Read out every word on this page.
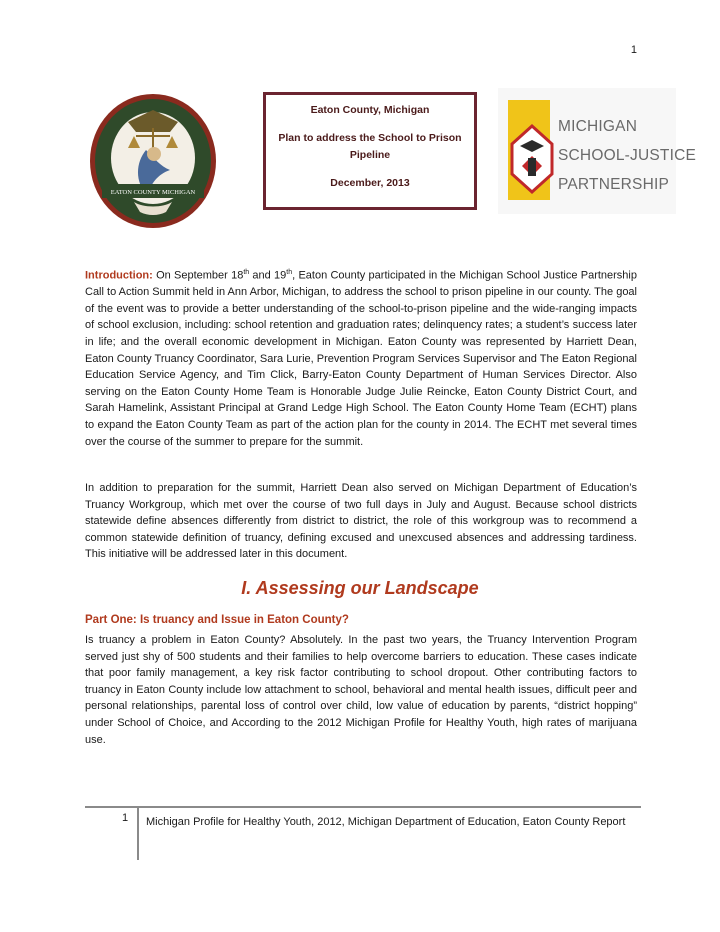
1
EATON COUNTY MICHIGAN
Eaton County, Michigan
Plan to address the School to Prison
Pipeline
December, 2013
MICHIGAN
SCHOOL-JUSTICE
PARTNERSHIP
Introduction: On September 18th and 19th, Eaton County participated in the Michigan School Justice Partnership Call to Action Summit held in Ann Arbor, Michigan, to address the school to prison pipeline in our county. The goal of the event was to provide a better understanding of the school-to-prison pipeline and the wide-ranging impacts of school exclusion, including: school retention and graduation rates; delinquency rates; a student’s success later in life; and the overall economic development in Michigan. Eaton County was represented by Harriett Dean, Eaton County Truancy Coordinator, Sara Lurie, Prevention Program Services Supervisor and The Eaton Regional Education Service Agency, and Tim Click, Barry-Eaton County Department of Human Services Director. Also serving on the Eaton County Home Team is Honorable Judge Julie Reincke, Eaton County District Court, and Sarah Hamelink, Assistant Principal at Grand Ledge High School. The Eaton County Home Team (ECHT) plans to expand the Eaton County Team as part of the action plan for the county in 2014. The ECHT met several times over the course of the summer to prepare for the summit.
In addition to preparation for the summit, Harriett Dean also served on Michigan Department of Education’s Truancy Workgroup, which met over the course of two full days in July and August. Because school districts statewide define absences differently from district to district, the role of this workgroup was to recommend a common statewide definition of truancy, defining excused and unexcused absences and addressing tardiness. This initiative will be addressed later in this document.
I. Assessing our Landscape
Part One: Is truancy and Issue in Eaton County?
Is truancy a problem in Eaton County? Absolutely. In the past two years, the Truancy Intervention Program served just shy of 500 students and their families to help overcome barriers to education. These cases indicate that poor family management, a key risk factor contributing to school dropout. Other contributing factors to truancy in Eaton County include low attachment to school, behavioral and mental health issues, difficult peer and personal relationships, parental loss of control over child, low value of education by parents, “district hopping” under School of Choice, and According to the 2012 Michigan Profile for Healthy Youth, high rates of marijuana use.
1 Michigan Profile for Healthy Youth, 2012, Michigan Department of Education, Eaton County Report
